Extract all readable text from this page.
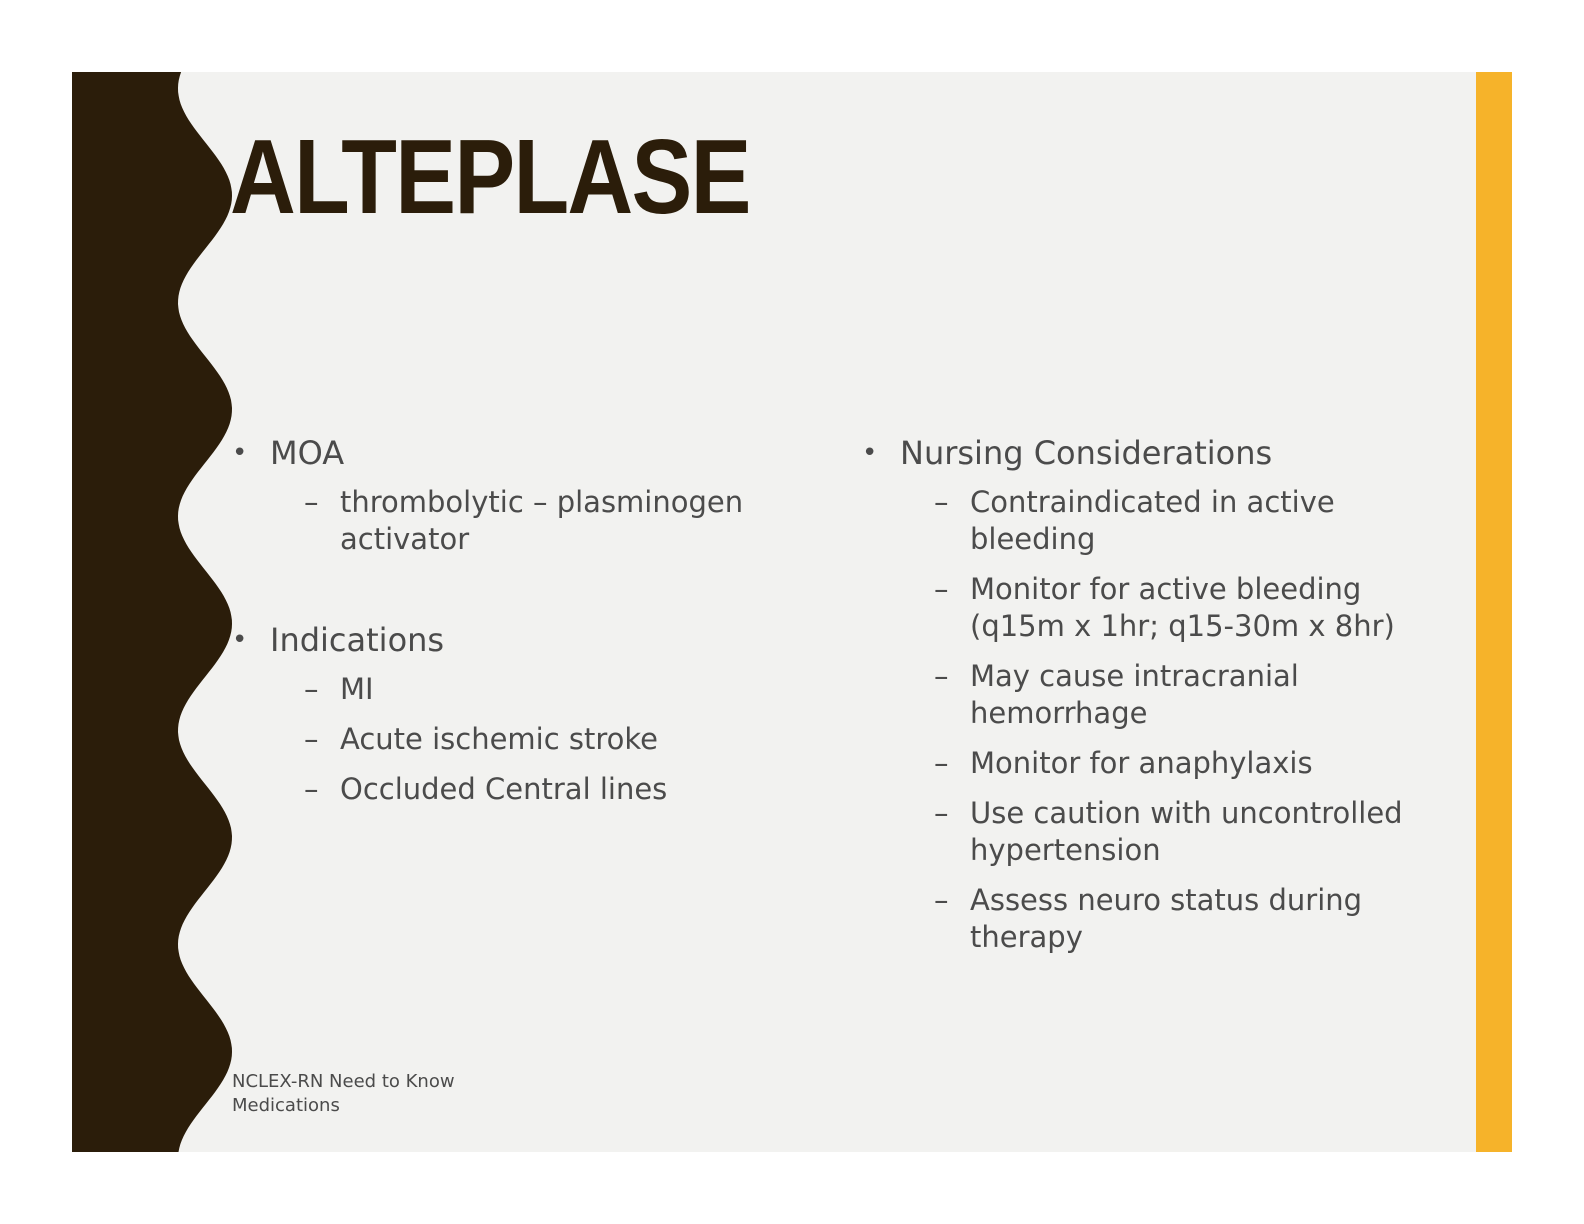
ALTEPLASE
• MOA
– thrombolytic – plasminogen activator
• Indications
– MI
– Acute ischemic stroke
– Occluded Central lines
• Nursing Considerations
– Contraindicated in active bleeding
– Monitor for active bleeding (q15m x 1hr; q15-30m x 8hr)
– May cause intracranial hemorrhage
– Monitor for anaphylaxis
– Use caution with uncontrolled hypertension
– Assess neuro status during therapy
NCLEX-RN Need to Know
Medications
